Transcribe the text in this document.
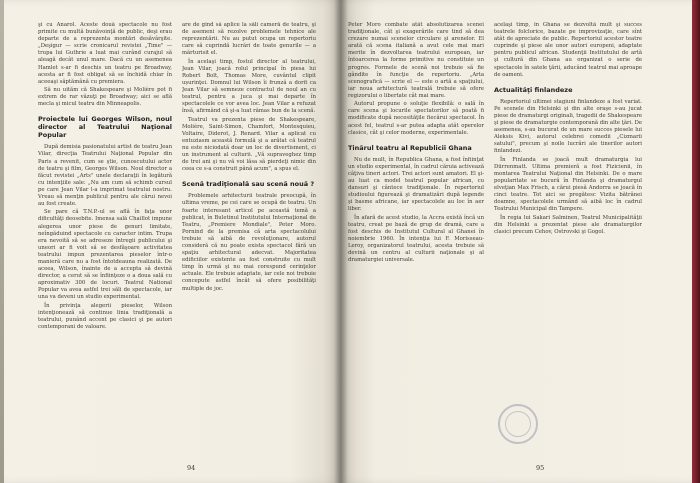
şi cu Anarol. Aceste două spectacole nu fost primite cu multă bunăvoinţă de public, deşi erau departe de a reprezenta montări desăvârşite. „Deşigur — scrie cronicarul revistei „Time" — trupa lui Guthrie a luat mai curând curajul să aleagă decât unul mare. Dacă cu un asemenea Hamlet s-ar fi deschis un teatru pe Broadway, acesta ar fi fost obligat să se închidă chiar în aceeaşi săptămână cu premiera.

Să nu uităm că Shakespeare şi Molière pot fi extrem de rar văzuţi pe Broadway; aici se află mecla şi micul teatru din Minneapolis.

Proiectele lui Georges Wilson, noul director al Teatrului Naţional Popular

După demisia pasionatului artist de teatru Jean Vilar, direcţia Teatrului Naţional Popular din Paris a revenit, cum se ştie, cunoscutului actor de teatru şi film, Georges Wilson. Noul director a făcut revistei „Arts" unele declaraţii în legătură cu intenţiile sale: „Nu am cum să schimb cursul pe care Jean Vilar l-a imprimat teatrului nostru. Vreau să menţin publicul pentru ale cărui nevoi au fost create.

Se pare că T.N.P.-ul se află în faţa unor dificultăţi deosebite. Imensa sală Chaillot impune alegerea unor piese de genuri limitate, neîngăduind spectacole cu caracter intim. Trupa era nevoită să se adreseze întregii publicului şi uneori ar fi voit să se desfăşoare activitatea teatrului impun prezentarea pieselor într-o manieră care nu a fost întotdeauna realizată. De aceea, Wilson, înainte de a accepta să devină director, a cerut să se înfiinţeze o a doua sală cu aproximativ 300 de locuri. Teatrul National Popular va avea astfel trei săli de spectacole, iar una va deveni un studio experimental.

În privinţa alegerii pieselor, Wilson intenţionează să continue linia tradiţională a teatrului, punând accent pe clasici şi pe autori contemporani de valoare.

are de gînd să aplice la săli cameră de teatru, şi de asemeni să rezolve problemele tehnice ale reprezentării. Nu au putut ocupa un repertoriu care să cuprindă lucrări de toate genurile — a mărturisit el.

În acelaşi timp, fostul director al teatrului, Jean Vilar, joacă rolul principal în piesa lui Robert Bolt, Thomas More, cuvântul clipit ușurinţei. Domnul lui Wilson îi frunză a dorit ca Jean Vilar să semneze contractul de noul an cu teatrul, pentru a juca şi mai departe în spectacolele ce vor avea loc. Jean Vilar a refuzat însă, afirmând că şi-a luat rămas bun de la scenă.

Teatrul va prezenta piese de Shakespeare, Molière, Saint-Simon, Chamfort, Montesquieu, Voltaire, Diderot, J. Renard. Vilar a aplicat cu entuziasm această formulă şi a arătat că teatrul nu este niciodată doar un loc de divertisment, ci un instrument al culturii. „Vă supraveghez timp de trei ani şi nu vă voi lăsa să pierdeţi nimic din ceea ce s-a construit până acum", a spus el.

Scenă tradiţională sau scenă nouă ?

Problemele arhitecturii teatrale preocupă, în ultima vreme, pe cei care se ocupă de teatru. Un foarte interesant articol pe această temă a publicat, în Buletinul Institutului Internaţional de Teatru, „Premiere Mondiale", Peter Moro. Pornind de la premisa că arta spectacolului trebuie să aibă de revoluţionare, autorul consideră că nu poate exista spectacol fără un spaţiu arhitectural adecvat. Majoritatea edificiilor existente au fost construite cu mult timp în urmă şi nu mai corespund cerinţelor actuale. Ele trebuie adaptate, iar cele noi trebuie concepute astfel încât să ofere posibilităţi multiple de joc.

94

Peter Moro combate atât absolutizarea scenei tradiţionale, cât şi exagerările care tind să dea crezare numai scenelor circulare şi arenelor. El arată că scena italiană a avut cele mai mari merite în dezvoltarea teatrului european, iar întoarcerea la forme primitive nu constituie un progres. Formele de scenă noi trebuie să fie gândite în funcţie de repertoriu. „Arta scenografică — scrie el — este o artă a spaţiului, iar noua arhitectură teatrală trebuie să ofere regizorului o libertate cât mai mare.

Autorul propune o soluţie flexibilă: o sală în care scena şi locurile spectatorilor să poată fi modificate după necesităţile fiecărui spectacol. În acest fel, teatrul s-ar putea adapta atât operelor clasice, cât şi celor moderne, experimentale.

Tinărul teatru al Republicii Ghana

Nu de mult, în Republica Ghana, a fost înfiinţat un studio experimental, în cadrul căruia activează câţiva tineri actori. Trei actori sunt amatori. El şi-au luat ca model teatrul popular african, cu dansuri şi cântece tradiţionale. În repertoriul studioului figurează şi dramatizări după legende şi basme africane, iar spectacolele au loc în aer liber.

În afară de acest studio, la Accra există încă un teatru, creat pe bază de grup de dramă, care a fost deschis de Institutul Cultural al Ghanei în noiembrie 1960. În intenţia lui F. Morisseau-Leroy, organizatorul teatrului, acesta trebuie să devină un centru al culturii naţionale şi al dramaturgiei universale.

acelaşi timp, în Ghana se dezvoltă mult şi succes teatrele folclorice, bazate pe improvizaţie, care sînt atât de apreciate de public. Repertoriul acestor teatre cuprinde şi piese ale unor autori europeni, adaptate pentru publicul african. Studenţii Institutului de artă şi cultură din Ghana au organizat o serie de spectacole în satele ţării, aducând teatrul mai aproape de oameni.

Actualităţi finlandeze

Repertoriul ultimei stagiuni finlandeze a fost variat. Pe scenele din Helsinki şi din alte oraşe s-au jucat piese de dramaturgi originali, tragedii de Shakespeare şi piese de dramaturgie contemporană din alte ţări. De asemenea, s-au bucurat de un mare succes piesele lui Aleksis Kivi, autorul celebrei comedii „Cizmarii satului", precum şi noile lucrări ale tinerilor autori finlandezi.

În Finlanda se joacă mult dramaturgia lui Dürrenmatt. Ultima premieră a fost Fizicienii, în montarea Teatrului Naţional din Helsinki. De o mare popularitate se bucură în Finlanda şi dramaturgul elveţian Max Frisch, a cărui piesă Andorra se joacă în cinci teatre. Tot aici se pregătesc Vizita bătrânei doamne, spectacolele urmând să aibă loc în cadrul Teatrului Municipal din Tampere.

În regia lui Sakari Salminen, Teatrul Municipalităţii din Helsinki a prezentat piese ale dramaturgilor clasici precum Cehov, Ostrovski şi Gogol.

95
